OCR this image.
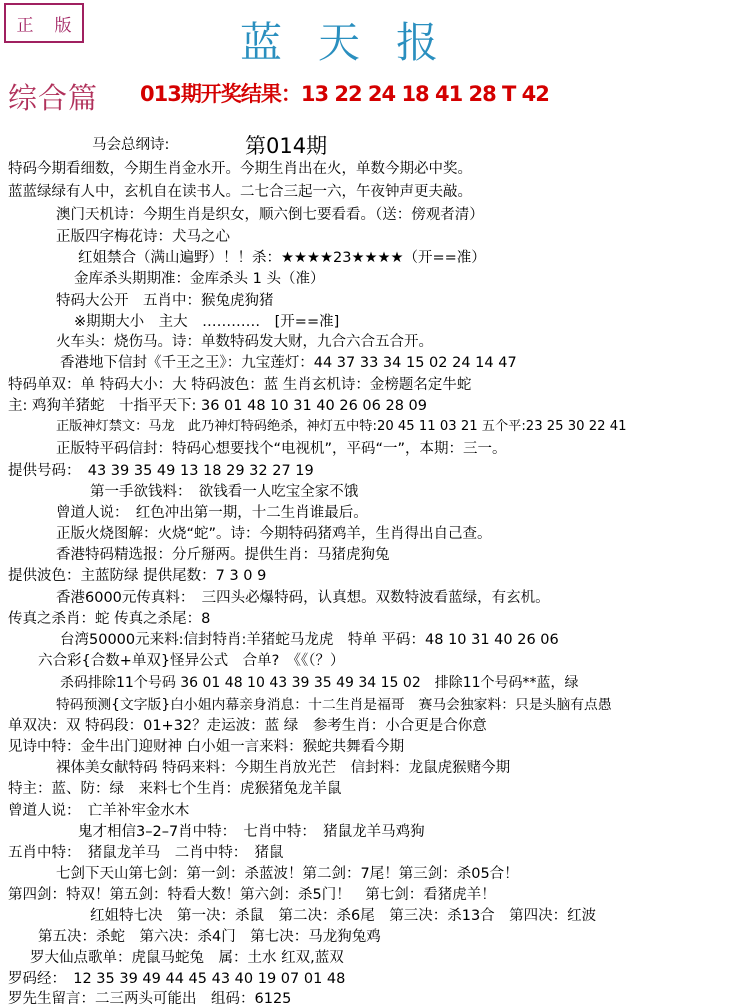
正 版	蓝天报
综合篇 013期开奖结果：13 22 24 18 41 28 T 42
第014期
马会总纲诗:
特码今期看细数，今期生肖金水开。今期生肖出在火，单数今期必中奖。
蓝蓝绿绿有人中，玄机自在读书人。二七合三起一六，午夜钟声更夫敲。
澳门天机诗：今期生肖是织女，顺六倒七要看看。（送：傍观者清）
正版四字梅花诗：犬马之心
红姐禁合（满山遍野）！！杀：★★★★23★★★★（开==准）
金库杀头期期准：金库杀头 1 头（准）
特码大公开　五肖中：猴兔虎狗猪
※期期大小　主大　…………　[开==准]
火车头：烧伤马。诗：单数特码发大财，九合六合五合开。
香港地下信封《千王之王》：九宝莲灯：44 37 33 34 15 02 24 14 47
特码单双：单 特码大小：大 特码波色：蓝 生肖玄机诗：金榜题名定牛蛇
主: 鸡狗羊猪蛇　十指平天下: 36 01 48 10 31 40 26 06 28 09
正版神灯禁文：马龙　此乃神灯特码绝杀，神灯五中特:20 45 11 03 21 五个平:23 25 30 22 41
正版特平码信封：特码心想要找个“电视机”，平码“一”，本期：三一。
提供号码：　43 39 35 49 13 18 29 32 27 19
第一手欲钱料：　欲钱看一人吃宝全家不饿
曾道人说：　红色冲出第一期，十二生肖谁最后。
正版火烧图解：火烧“蛇”。诗：今期特码猪鸡羊，生肖得出自己查。
香港特码精选报：分斤掰两。提供生肖：马猪虎狗兔
提供波色：主蓝防绿 提供尾数：7 3 0 9
香港6000元传真料：　三四头必爆特码，认真想。双数特波看蓝绿，有玄机。
传真之杀肖：蛇 传真之杀尾：8
台湾50000元来料:信封特肖:羊猪蛇马龙虎　特单 平码：48 10 31 40 26 06
六合彩{合数+单双}怪异公式　合单?　《《（？）
杀码排除11个号码 36 01 48 10 43 39 35 49 34 15 02　排除11个号码**蓝，绿
特码预测{文字版}白小姐内幕亲身消息：十二生肖是福哥　赛马会独家料：只是头脑有点愚
单双决：双 特码段：01+32？走运波：蓝 绿　参考生肖：小合更是合你意
见诗中特：金牛出门迎财神 白小姐一言来料：猴蛇共舞看今期
裸体美女献特码 特码来料：今期生肖放光芒　信封料：龙鼠虎猴赌今期
特主：蓝、防：绿　来料七个生肖：虎猴猪兔龙羊鼠
曾道人说：　亡羊补牢金水木
鬼才相信3–2–7肖中特：　七肖中特：　猪鼠龙羊马鸡狗
五肖中特：　猪鼠龙羊马　二肖中特：　猪鼠
七剑下天山第七剑：第一剑：杀蓝波！第二剑：7尾！第三剑：杀05合！
第四剑：特双！第五剑：特看大数！第六剑：杀5门！　第七剑：看猪虎羊！
红姐特七决　第一决：杀鼠　第二决：杀6尾　第三决：杀13合　第四决：红波
第五决：杀蛇　第六决：杀4门　第七决：马龙狗兔鸡
罗大仙点歌单：虎鼠马蛇兔　属：土水 红双,蓝双
罗码经：　12 35 39 49 44 45 43 40 19 07 01 48
罗先生留言：二三两头可能出　组码：6125
